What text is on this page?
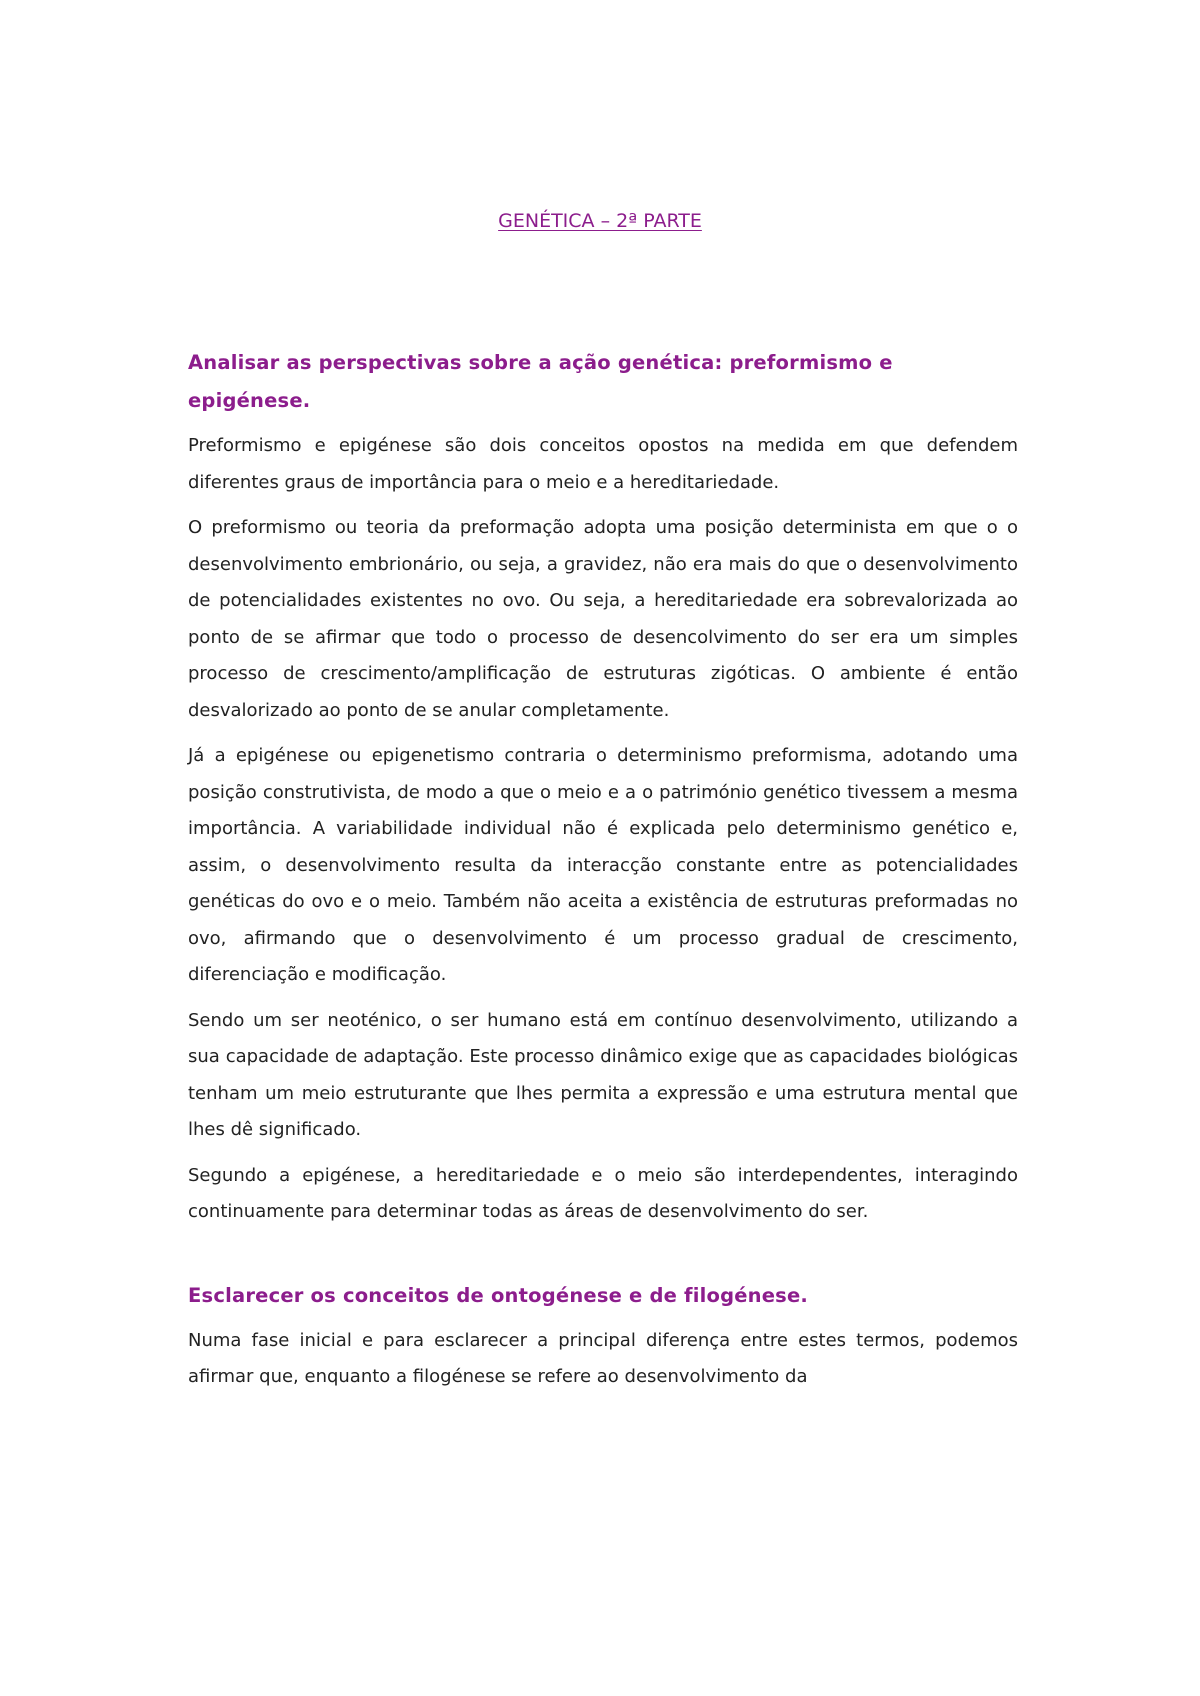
GENÉTICA – 2ª PARTE
Analisar as perspectivas sobre a ação genética: preformismo e epigénese.

Preformismo e epigénese são dois conceitos opostos na medida em que defendem diferentes graus de importância para o meio e a hereditariedade.

O preformismo ou teoria da preformação adopta uma posição determinista em que o o desenvolvimento embrionário, ou seja, a gravidez, não era mais do que o desenvolvimento de potencialidades existentes no ovo. Ou seja, a hereditariedade era sobrevalorizada ao ponto de se afirmar que todo o processo de desencolvimento do ser era um simples processo de crescimento/amplificação de estruturas zigóticas. O ambiente é então desvalorizado ao ponto de se anular completamente.

Já a epigénese ou epigenetismo contraria o determinismo preformisma, adotando uma posição construtivista, de modo a que o meio e a o património genético tivessem a mesma importância. A variabilidade individual não é explicada pelo determinismo genético e, assim, o desenvolvimento resulta da interacção constante entre as potencialidades genéticas do ovo e o meio. Também não aceita a existência de estruturas preformadas no ovo, afirmando que o desenvolvimento é um processo gradual de crescimento, diferenciação e modificação.

Sendo um ser neoténico, o ser humano está em contínuo desenvolvimento, utilizando a sua capacidade de adaptação. Este processo dinâmico exige que as capacidades biológicas tenham um meio estruturante que lhes permita a expressão e uma estrutura mental que lhes dê significado.

Segundo a epigénese, a hereditariedade e o meio são interdependentes, interagindo continuamente para determinar todas as áreas de desenvolvimento do ser.

Esclarecer os conceitos de ontogénese e de filogénese.

Numa fase inicial e para esclarecer a principal diferença entre estes termos, podemos afirmar que, enquanto a filogénese se refere ao desenvolvimento da
